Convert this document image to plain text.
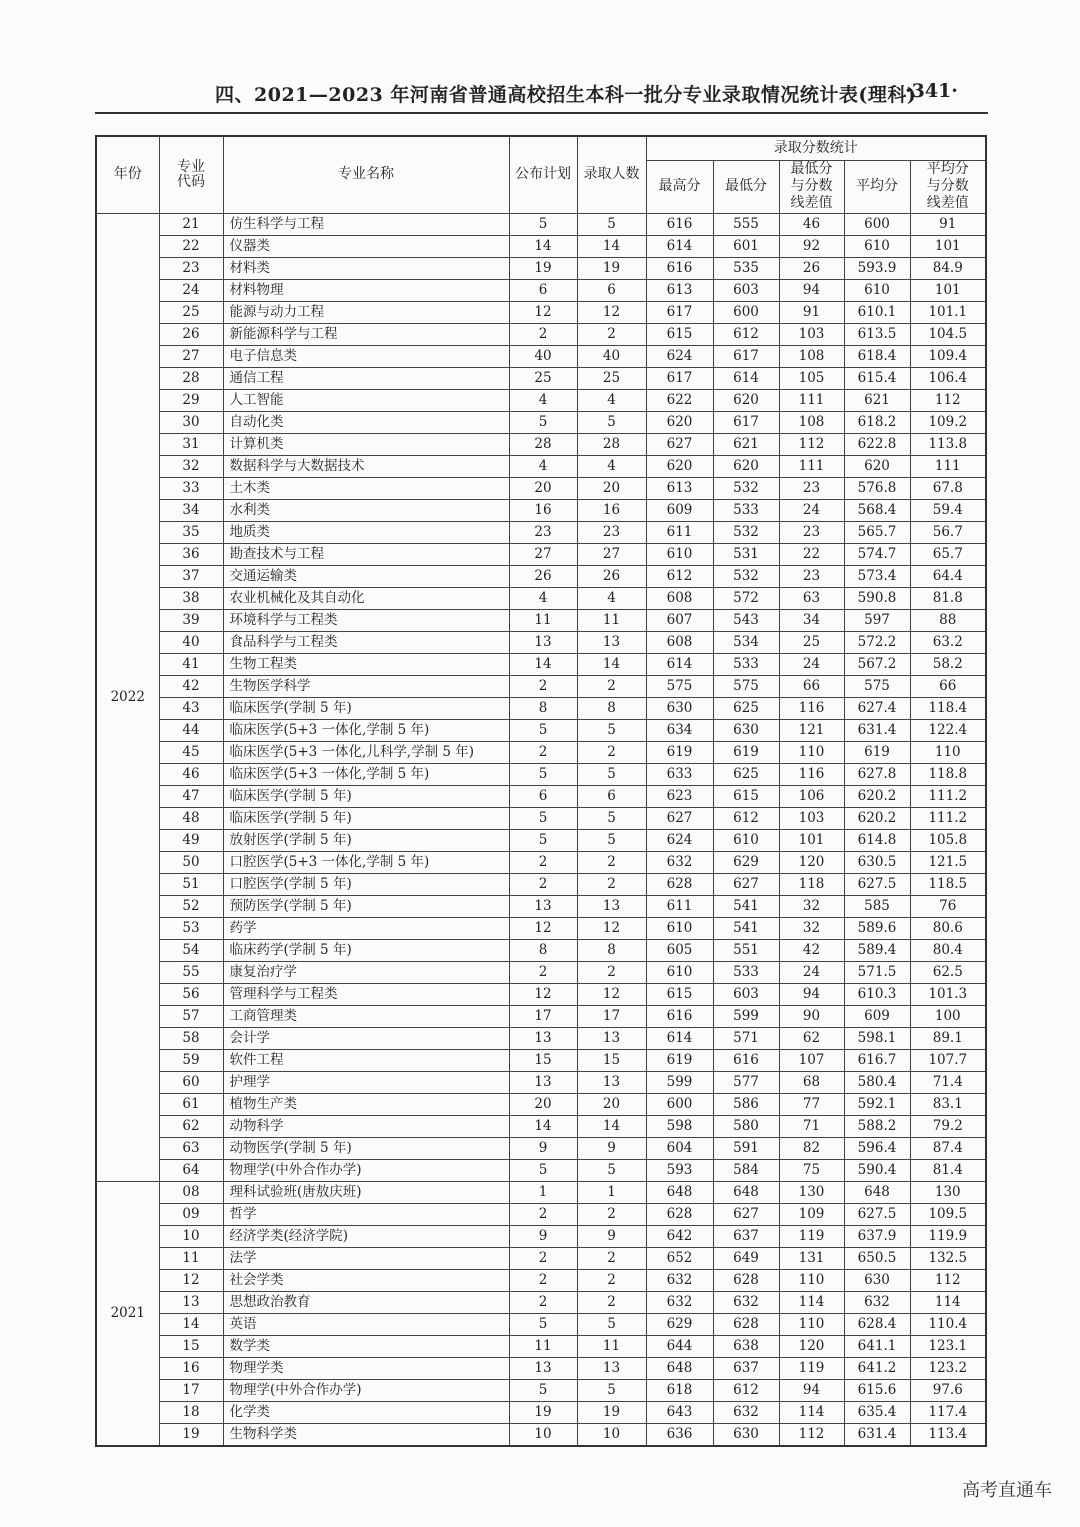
四、2021—2023 年河南省普通高校招生本科一批分专业录取情况统计表(理科)
·341·
年份	专业代码	专业名称	公布计划	录取人数	录取分数统计				
					最高分	最低分	最低分与分数线差值	平均分	平均分与分数线差值

2022	21	仿生科学与工程	5	5	616	555	46	600	91
	22	仪器类	14	14	614	601	92	610	101
	23	材料类	19	19	616	535	26	593.9	84.9
	24	材料物理	6	6	613	603	94	610	101
	25	能源与动力工程	12	12	617	600	91	610.1	101.1
	26	新能源科学与工程	2	2	615	612	103	613.5	104.5
	27	电子信息类	40	40	624	617	108	618.4	109.4
	28	通信工程	25	25	617	614	105	615.4	106.4
	29	人工智能	4	4	622	620	111	621	112
	30	自动化类	5	5	620	617	108	618.2	109.2
	31	计算机类	28	28	627	621	112	622.8	113.8
	32	数据科学与大数据技术	4	4	620	620	111	620	111
	33	土木类	20	20	613	532	23	576.8	67.8
	34	水利类	16	16	609	533	24	568.4	59.4
	35	地质类	23	23	611	532	23	565.7	56.7
	36	勘查技术与工程	27	27	610	531	22	574.7	65.7
	37	交通运输类	26	26	612	532	23	573.4	64.4
	38	农业机械化及其自动化	4	4	608	572	63	590.8	81.8
	39	环境科学与工程类	11	11	607	543	34	597	88
	40	食品科学与工程类	13	13	608	534	25	572.2	63.2
	41	生物工程类	14	14	614	533	24	567.2	58.2
	42	生物医学科学	2	2	575	575	66	575	66
	43	临床医学(学制 5 年)	8	8	630	625	116	627.4	118.4
	44	临床医学(5+3 一体化,学制 5 年)	5	5	634	630	121	631.4	122.4
	45	临床医学(5+3 一体化,儿科学,学制 5 年)	2	2	619	619	110	619	110
	46	临床医学(5+3 一体化,学制 5 年)	5	5	633	625	116	627.8	118.8
	47	临床医学(学制 5 年)	6	6	623	615	106	620.2	111.2
	48	临床医学(学制 5 年)	5	5	627	612	103	620.2	111.2
	49	放射医学(学制 5 年)	5	5	624	610	101	614.8	105.8
	50	口腔医学(5+3 一体化,学制 5 年)	2	2	632	629	120	630.5	121.5
	51	口腔医学(学制 5 年)	2	2	628	627	118	627.5	118.5
	52	预防医学(学制 5 年)	13	13	611	541	32	585	76
	53	药学	12	12	610	541	32	589.6	80.6
	54	临床药学(学制 5 年)	8	8	605	551	42	589.4	80.4
	55	康复治疗学	2	2	610	533	24	571.5	62.5
	56	管理科学与工程类	12	12	615	603	94	610.3	101.3
	57	工商管理类	17	17	616	599	90	609	100
	58	会计学	13	13	614	571	62	598.1	89.1
	59	软件工程	15	15	619	616	107	616.7	107.7
	60	护理学	13	13	599	577	68	580.4	71.4
	61	植物生产类	20	20	600	586	77	592.1	83.1
	62	动物科学	14	14	598	580	71	588.2	79.2
	63	动物医学(学制 5 年)	9	9	604	591	82	596.4	87.4
	64	物理学(中外合作办学)	5	5	593	584	75	590.4	81.4
2021	08	理科试验班(唐敖庆班)	1	1	648	648	130	648	130
	09	哲学	2	2	628	627	109	627.5	109.5
	10	经济学类(经济学院)	9	9	642	637	119	637.9	119.9
	11	法学	2	2	652	649	131	650.5	132.5
	12	社会学类	2	2	632	628	110	630	112
	13	思想政治教育	2	2	632	632	114	632	114
	14	英语	5	5	629	628	110	628.4	110.4
	15	数学类	11	11	644	638	120	641.1	123.1
	16	物理学类	13	13	648	637	119	641.2	123.2
	17	物理学(中外合作办学)	5	5	618	612	94	615.6	97.6
	18	化学类	19	19	643	632	114	635.4	117.4
	19	生物科学类	10	10	636	630	112	631.4	113.4
高考直通车
